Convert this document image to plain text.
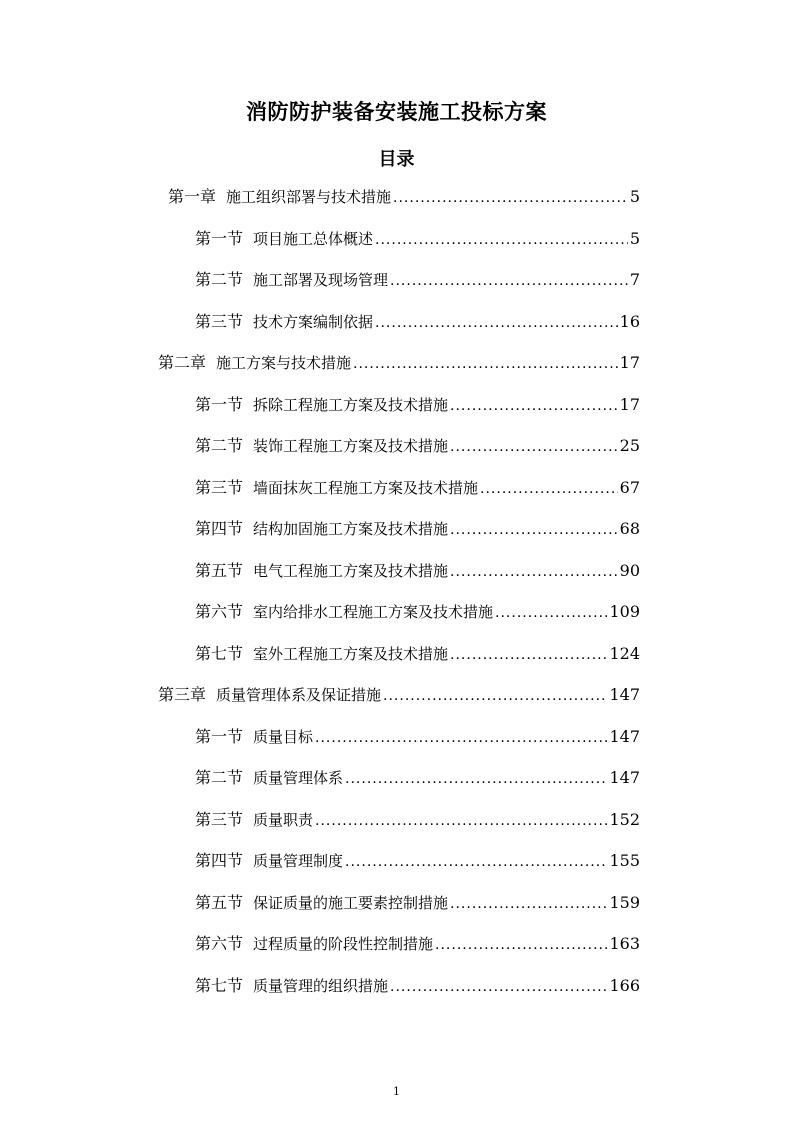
消防防护装备安装施工投标方案
目录
第一章 施工组织部署与技术措施 .....	5
第一节 项目施工总体概述 .....	5
第二节 施工部署及现场管理 .....	7
第三节 技术方案编制依据 .....	16
第二章 施工方案与技术措施 .....	17
第一节 拆除工程施工方案及技术措施 .....	17
第二节 装饰工程施工方案及技术措施 .....	25
第三节 墙面抹灰工程施工方案及技术措施 .....	67
第四节 结构加固施工方案及技术措施 .....	68
第五节 电气工程施工方案及技术措施 .....	90
第六节 室内给排水工程施工方案及技术措施 .....	109
第七节 室外工程施工方案及技术措施 .....	124
第三章 质量管理体系及保证措施 .....	147
第一节 质量目标 .....	147
第二节 质量管理体系 .....	147
第三节 质量职责 .....	152
第四节 质量管理制度 .....	155
第五节 保证质量的施工要素控制措施 .....	159
第六节 过程质量的阶段性控制措施 .....	163
第七节 质量管理的组织措施 .....	166
1
